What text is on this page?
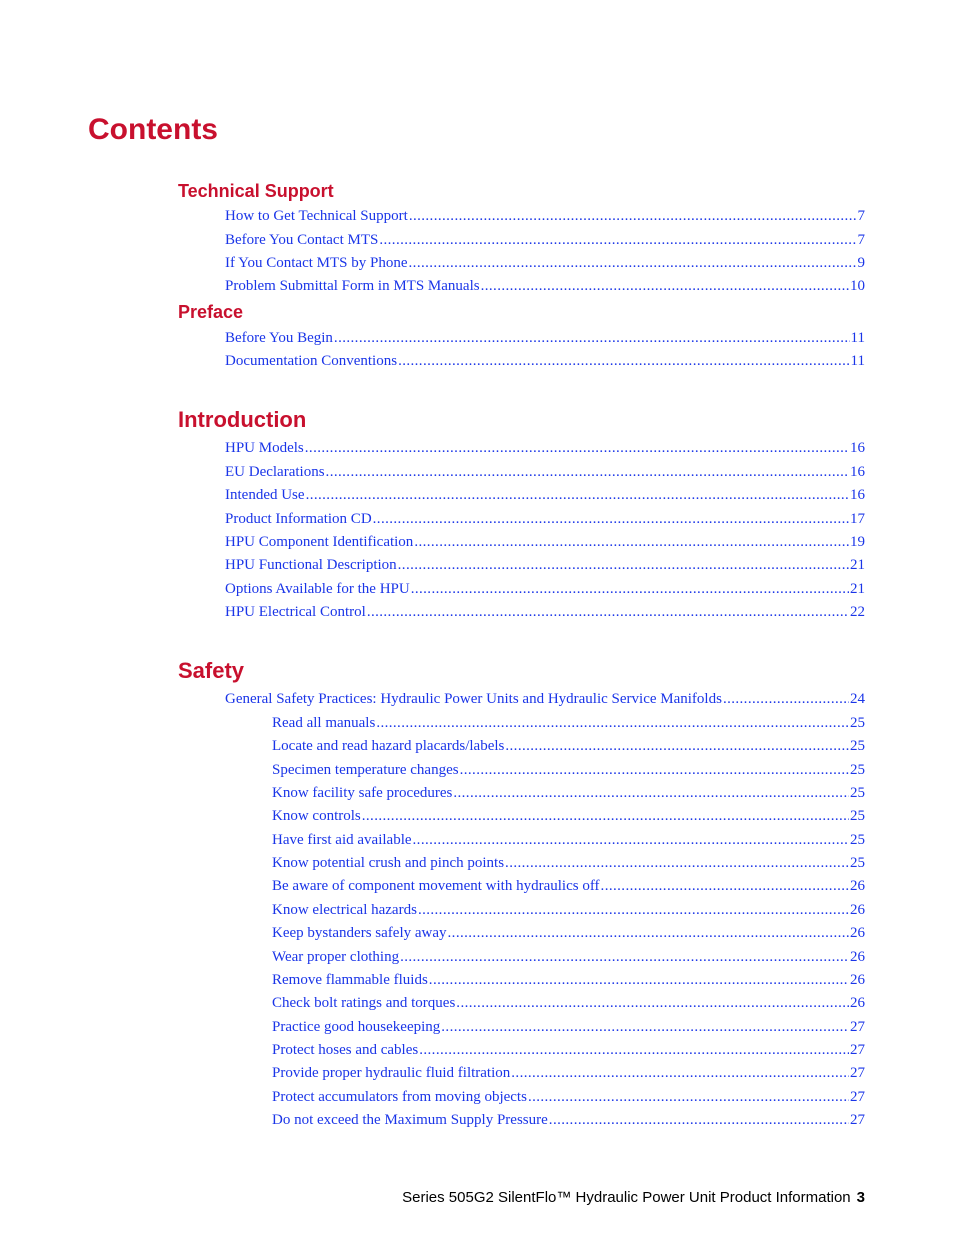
Contents
Technical Support
Preface
Introduction
Safety
How to Get Technical Support .....	7
Before You Contact MTS .....	7
If You Contact MTS by Phone .....	9
Problem Submittal Form in MTS Manuals .....	10
Before You Begin .....	11
Documentation Conventions .....	11
HPU Models .....	16
EU Declarations .....	16
Intended Use .....	16
Product Information CD .....	17
HPU Component Identification .....	19
HPU Functional Description .....	21
Options Available for the HPU .....	21
HPU Electrical Control .....	22
General Safety Practices: Hydraulic Power Units and Hydraulic Service Manifolds .....	24
Read all manuals .....	25
Locate and read hazard placards/labels .....	25
Specimen temperature changes .....	25
Know facility safe procedures .....	25
Know controls .....	25
Have first aid available .....	25
Know potential crush and pinch points .....	25
Be aware of component movement with hydraulics off .....	26
Know electrical hazards .....	26
Keep bystanders safely away .....	26
Wear proper clothing .....	26
Remove flammable fluids .....	26
Check bolt ratings and torques .....	26
Practice good housekeeping .....	27
Protect hoses and cables .....	27
Provide proper hydraulic fluid filtration .....	27
Protect accumulators from moving objects .....	27
Do not exceed the Maximum Supply Pressure .....	27
Series 505G2 SilentFlo™ Hydraulic Power Unit Product Information 3
